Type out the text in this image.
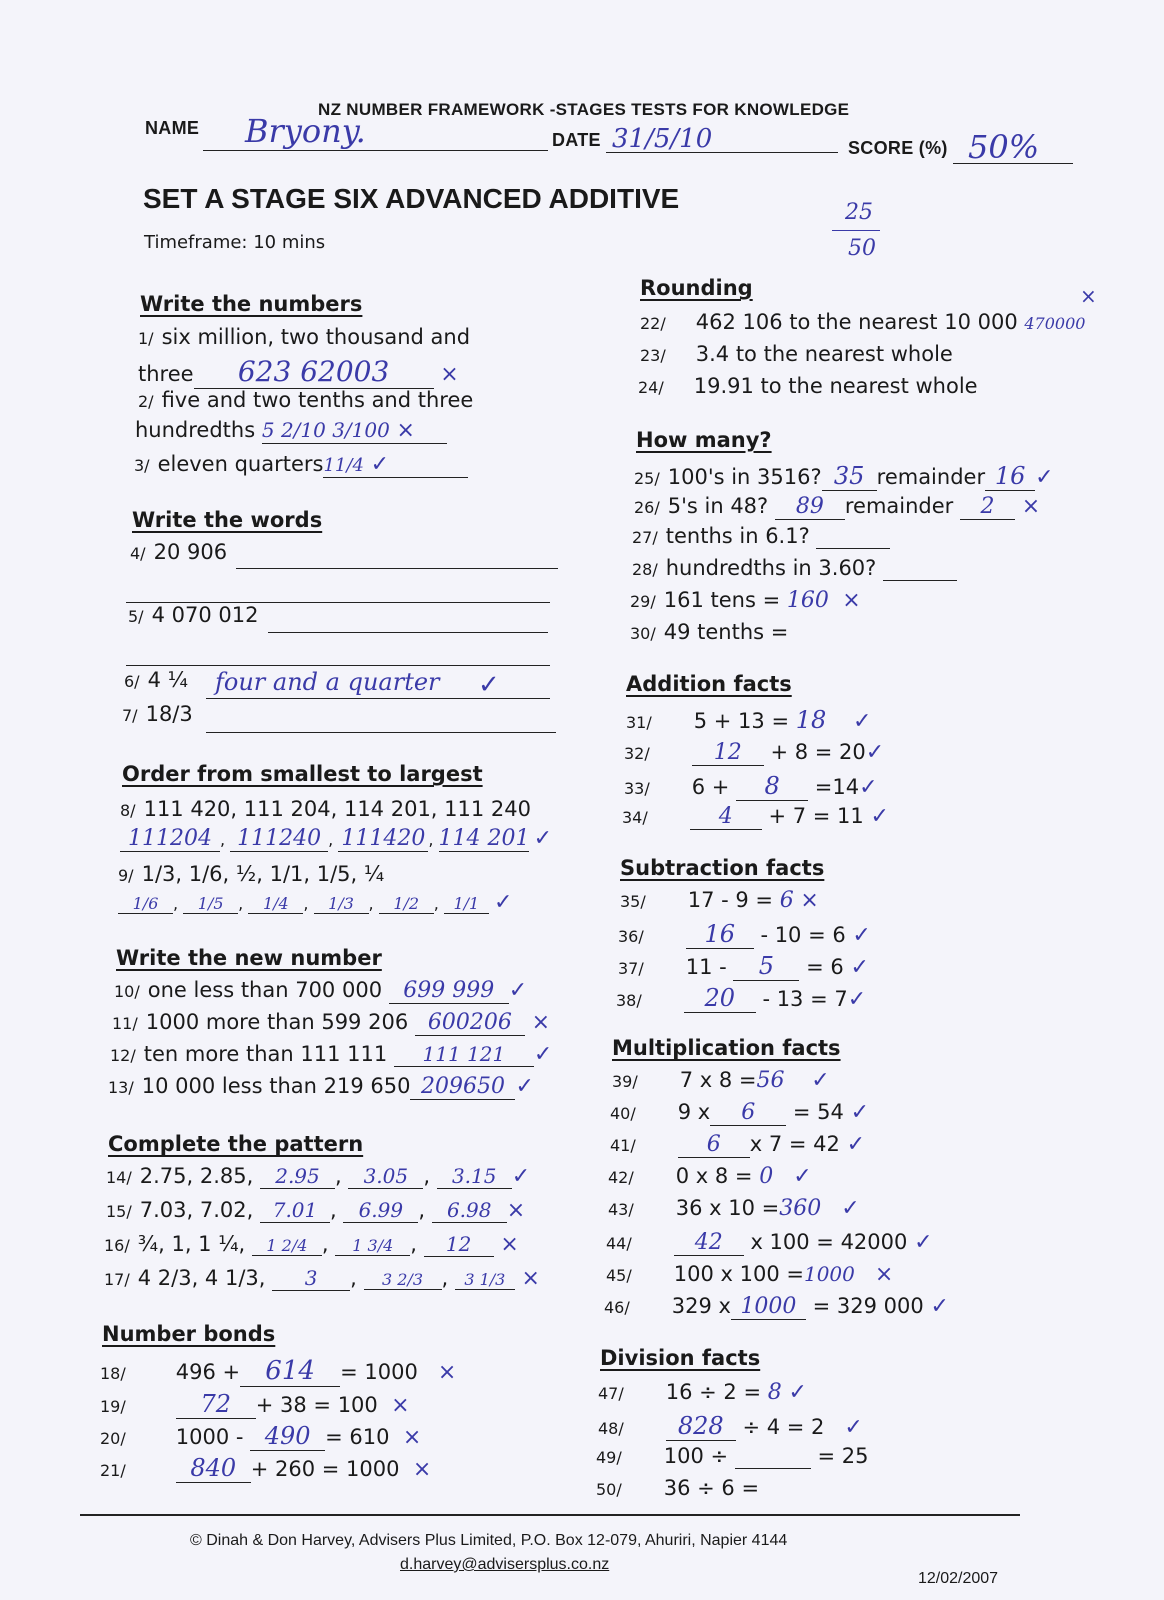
NZ NUMBER FRAMEWORK -STAGES TESTS FOR KNOWLEDGE
NAME Bryony.	DATE 31/5/10	SCORE (%) 50%
SET A STAGE SIX ADVANCED ADDITIVE
Timeframe: 10 mins
25
50
Write the numbers
1/ six million, two thousand and
three 623 62003 ×
2/ five and two tenths and three
hundredths 5 2/10 3/100 ×
3/ eleven quarters11/4 ✓
Write the words
4/ 20 906
5/ 4 070 012
6/ 4 ¼ four and a quarter ✓
7/ 18/3
Order from smallest to largest
8/ 111 420, 111 204, 114 201, 111 240
111204 , 111240 , 111420 , 114 201 ✓
9/ 1/3, 1/6, ½, 1/1, 1/5, ¼
1/6 , 1/5 , 1/4 , 1/3 , 1/2 , 1/1 ✓
Write the new number
10/ one less than 700 000 699 999 ✓
11/ 1000 more than 599 206 600206 ×
12/ ten more than 111 111 111 121 ✓
13/ 10 000 less than 219 650 209650 ✓
Complete the pattern
14/ 2.75, 2.85, 2.95 , 3.05 , 3.15 ✓
15/ 7.03, 7.02, 7.01 , 6.99 , 6.98 ×
16/ ¾, 1, 1 ¼, 1 2/4 , 1 3/4 , 12 ×
17/ 4 2/3, 4 1/3, 3 , 3 2/3 , 3 1/3 ×
Number bonds
18/ 496 + 614 = 1000 ×
19/	72 + 38 = 100 ×
20/ 1000 - 490 = 610 ×
21/	840 + 260 = 1000 ×
Rounding	×
22/ 462 106 to the nearest 10 000 470000
23/ 3.4 to the nearest whole
24/ 19.91 to the nearest whole
How many?
25/ 100's in 3516? 35 remainder 16 ✓
26/ 5's in 48? 89 remainder 2 ×
27/ tenths in 6.1?
28/ hundredths in 3.60?
29/ 161 tens = 160 ×
30/ 49 tenths =
Addition facts
31/ 5 + 13 = 18 ✓
32/	12 + 8 = 20✓
33/ 6 + 8 =14✓
34/	4 + 7 = 11 ✓
Subtraction facts
35/ 17 - 9 = 6 ×
36/	16 - 10 = 6 ✓
37/ 11 - 5 = 6 ✓
38/	20 - 13 = 7✓
Multiplication facts
39/ 7 x 8 =56 ✓
40/ 9 x 6 = 54 ✓
41/	6 x 7 = 42 ✓
42/ 0 x 8 = 0 ✓
43/ 36 x 10 =360 ✓
44/	42 x 100 = 42000 ✓
45/ 100 x 100 =1000 ×
46/ 329 x 1000 = 329 000 ✓
Division facts
47/ 16 ÷ 2 = 8 ✓
48/ 828 ÷ 4 = 2 ✓
49/ 100 ÷	= 25
50/ 36 ÷ 6 =
© Dinah & Don Harvey, Advisers Plus Limited, P.O. Box 12-079, Ahuriri, Napier 4144
d.harvey@advisersplus.co.nz
12/02/2007
